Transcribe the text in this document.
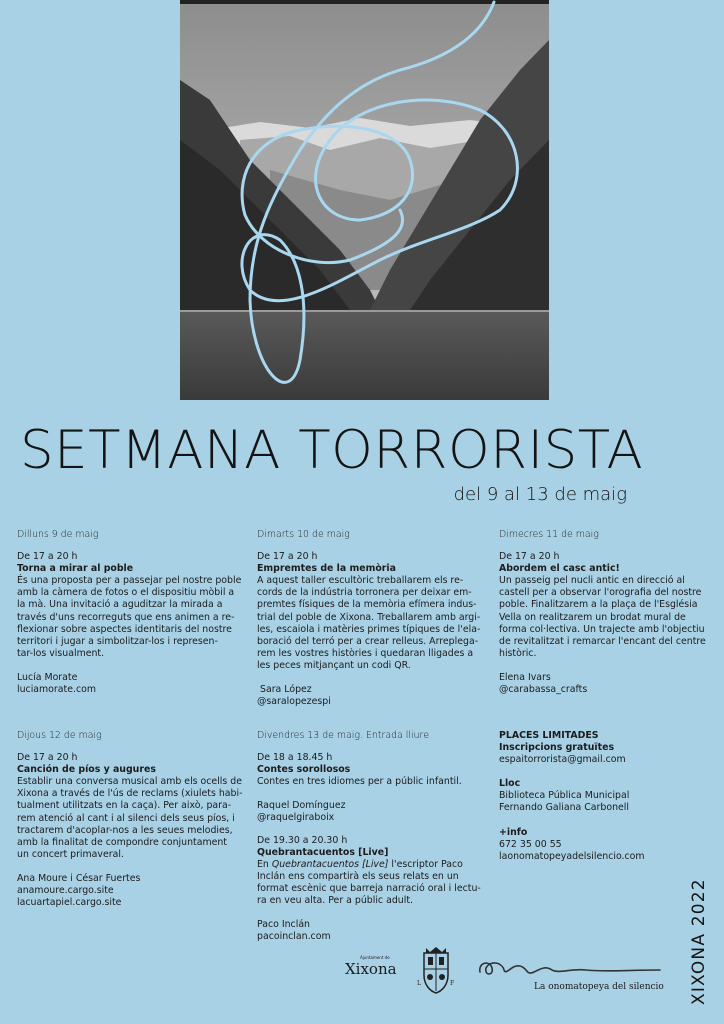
SETMANA TORRORISTA
del 9 al 13 de maig

Dilluns 9 de maig

De 17 a 20 h

Torna a mirar al poble

És una proposta per a passejar pel nostre poble

amb la càmera de fotos o el dispositiu mòbil a

la mà. Una invitació a aguditzar la mirada a

través d'uns recorreguts que ens animen a re-

flexionar sobre aspectes identitaris del nostre

territori i jugar a simbolitzar-los i represen-

tar-los visualment.

Lucía Morate

luciamorate.com

Dimarts 10 de maig

De 17 a 20 h

Empremtes de la memòria

A aquest taller escultòric treballarem els re-

cords de la indústria torronera per deixar em-

premtes físiques de la memòria efímera indus-

trial del poble de Xixona. Treballarem amb argi-

les, escaiola i matèries primes típiques de l'ela-

boració del terró per a crear relleus. Arreplega-

rem les vostres històries i quedaran lligades a

les peces mitjançant un codi QR.

Sara López

@saralopezespi

Dimecres 11 de maig

De 17 a 20 h

Abordem el casc antic!

Un passeig pel nucli antic en direcció al

castell per a observar l'orografia del nostre

poble. Finalitzarem a la plaça de l'Església

Vella on realitzarem un brodat mural de

forma col·lectiva. Un trajecte amb l'objectiu

de revitalitzat i remarcar l'encant del centre

històric.

Elena Ivars

@carabassa_crafts

Dijous 12 de maig

De 17 a 20 h

Canción de píos y augures

Establir una conversa musical amb els ocells de

Xixona a través de l'ús de reclams (xiulets habi-

tualment utilitzats en la caça). Per això, para-

rem atenció al cant i al silenci dels seus píos, i

tractarem d'acoplar-nos a les seues melodies,

amb la finalitat de compondre conjuntament

un concert primaveral.

Ana Moure i César Fuertes

anamoure.cargo.site

lacuartapiel.cargo.site

Divendres 13 de maig. Entrada lliure

De 18 a 18.45 h

Contes sorollosos

Contes en tres idiomes per a públic infantil.

Raquel Domínguez

@raquelgiraboix

De 19.30 a 20.30 h

Quebrantacuentos [Live]

En Quebrantacuentos [Live] l'escriptor Paco

Inclán ens compartirà els seus relats en un

format escènic que barreja narració oral i lectu-

ra en veu alta. Per a públic adult.

Paco Inclán

pacoinclan.com

PLACES LIMITADES

Inscripcions gratuïtes

espaitorrorista@gmail.com

Lloc

Biblioteca Pública Municipal

Fernando Galiana Carbonell

+info

672 35 00 55

laonomatopeyadelsilencio.com

XIXONA 2022
Ajuntament de
Xixona
L	F	La onomatopeya del silencio
